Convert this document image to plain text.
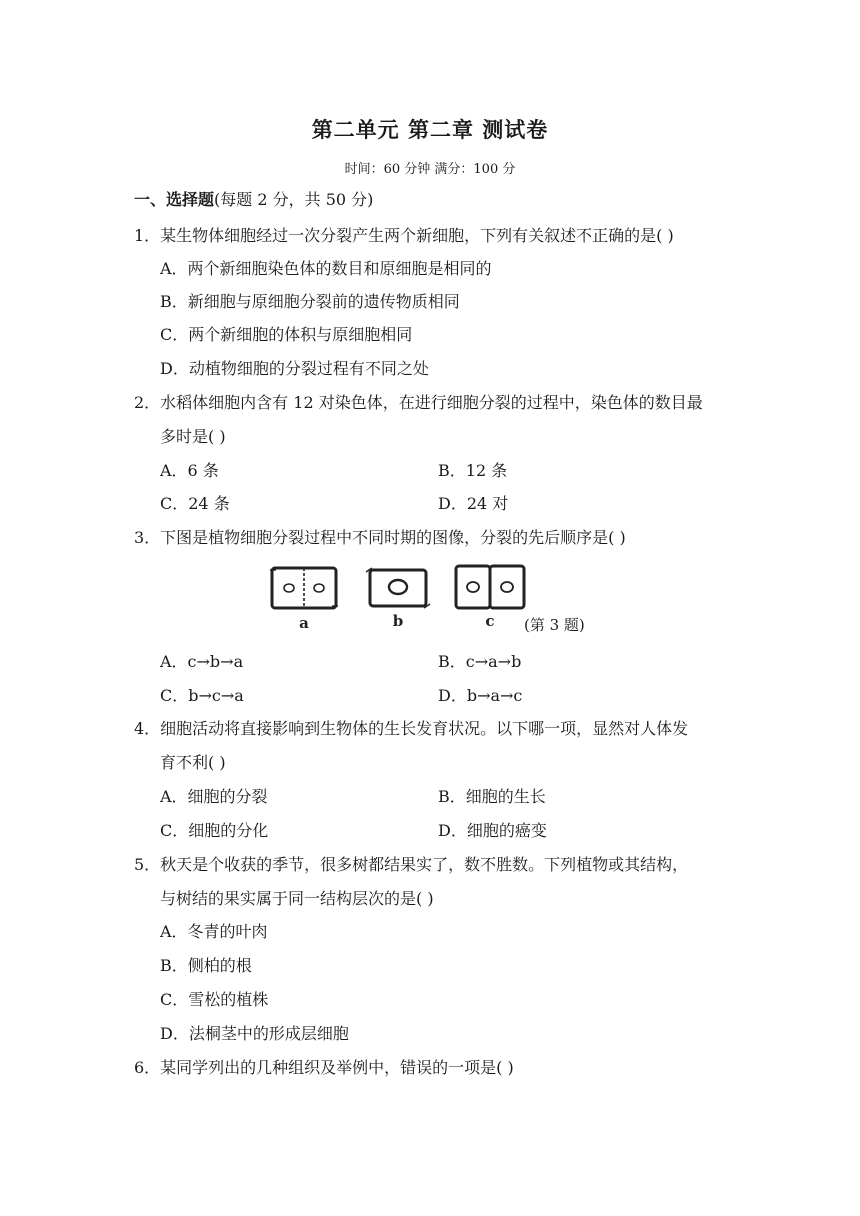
第二单元 第二章 测试卷
时间：60 分钟 满分：100 分
一、选择题(每题 2 分，共 50 分)
1．某生物体细胞经过一次分裂产生两个新细胞，下列有关叙述不正确的是( )
A．两个新细胞染色体的数目和原细胞是相同的
B．新细胞与原细胞分裂前的遗传物质相同
C．两个新细胞的体积与原细胞相同
D．动植物细胞的分裂过程有不同之处
2．水稻体细胞内含有 12 对染色体，在进行细胞分裂的过程中，染色体的数目最
多时是( )
A．6 条	B．12 条
C．24 条	D．24 对
3．下图是植物细胞分裂过程中不同时期的图像，分裂的先后顺序是( )
a	b	c (第 3 题)
A．c→b→a	B．c→a→b
C．b→c→a	D．b→a→c
4．细胞活动将直接影响到生物体的生长发育状况。以下哪一项，显然对人体发
育不利( )
A．细胞的分裂	B．细胞的生长
C．细胞的分化	D．细胞的癌变
5．秋天是个收获的季节，很多树都结果实了，数不胜数。下列植物或其结构，
与树结的果实属于同一结构层次的是( )
A．冬青的叶肉
B．侧柏的根
C．雪松的植株
D．法桐茎中的形成层细胞
6．某同学列出的几种组织及举例中，错误的一项是( )
